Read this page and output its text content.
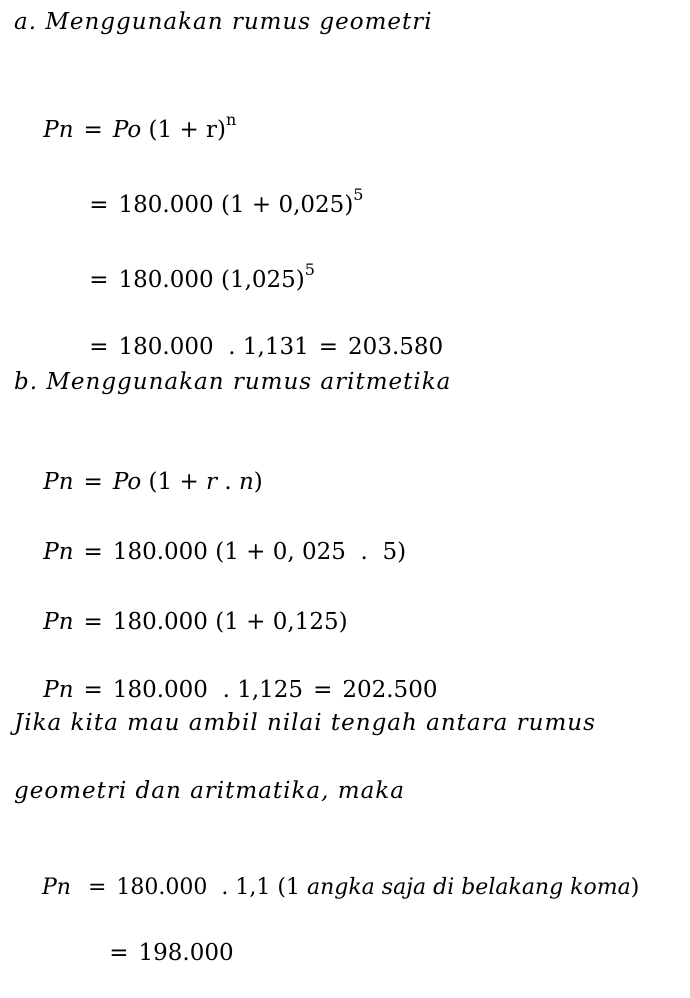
a. Menggunakan rumus geometri

Pn = Po $(1 + r)^n$

= 180.000 $(1 + 0,025)^5$

= 180.000 $(1,025)^5$

= 180.000 . 1,131 = 203.580

b. Menggunakan rumus aritmetika

Pn = Po (1 + r . n)

Pn = 180.000 (1 + 0, 025  .  5)

Pn = 180.000 (1 + 0,125)

Pn = 180.000 . 1,125 = 202.500

Jika kita mau ambil nilai tengah antara rumus
geometri dan aritmatika, maka

Pn = 180.000 . 1,1 (1 angka saja di belakang koma)

= 198.000
